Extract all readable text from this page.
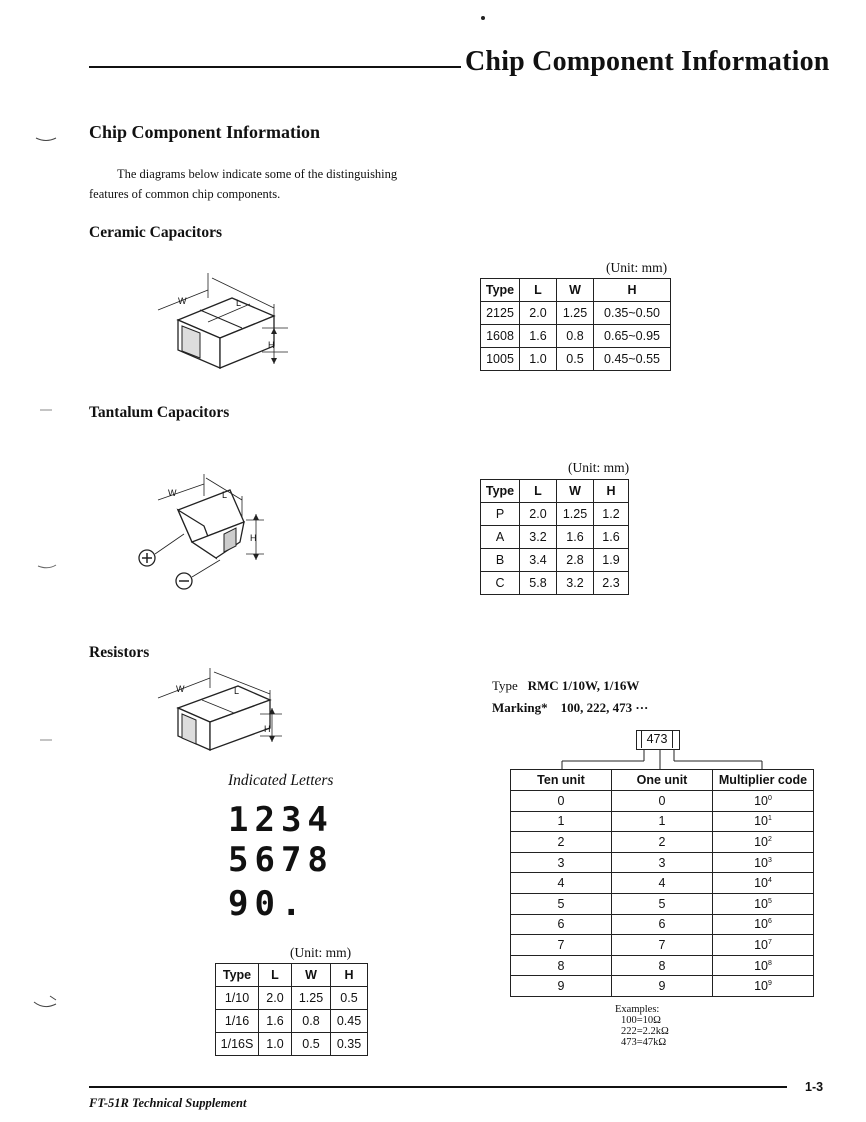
Chip Component Information
Chip Component Information
The diagrams below indicate some of the distinguishing
features of common chip components.
Ceramic Capacitors
W	L
H
(Unit: mm)
Type	L	W	H
2125	2.0	1.25	0.35~0.50
1608	1.6	0.8	0.65~0.95
1005	1.0	0.5	0.45~0.55
Tantalum Capacitors
W	L
H
(Unit: mm)
Type	L	W	H
P	2.0	1.25	1.2
A	3.2	1.6	1.6
B	3.4	2.8	1.9
C	5.8	3.2	2.3
Resistors
W	L
H
Indicated Letters
1234
5678
90.
(Unit: mm)
Type	L	W	H
1/10	2.0	1.25	0.5
1/16	1.6	0.8	0.45
1/16S	1.0	0.5	0.35
Type RMC 1/10W, 1/16W
Marking* 100, 222, 473 ···
473
Ten unit	One unit	Multiplier code
0	0	$10^0$
1	1	$10^1$
2	2	$10^2$
3	3	$10^3$
4	4	$10^4$
5	5	$10^5$
6	6	$10^6$
7	7	$10^7$
8	8	$10^8$
9	9	$10^9$
Examples:
100=10Ω
222=2.2kΩ
473=47kΩ
FT-51R Technical Supplement
1-3
